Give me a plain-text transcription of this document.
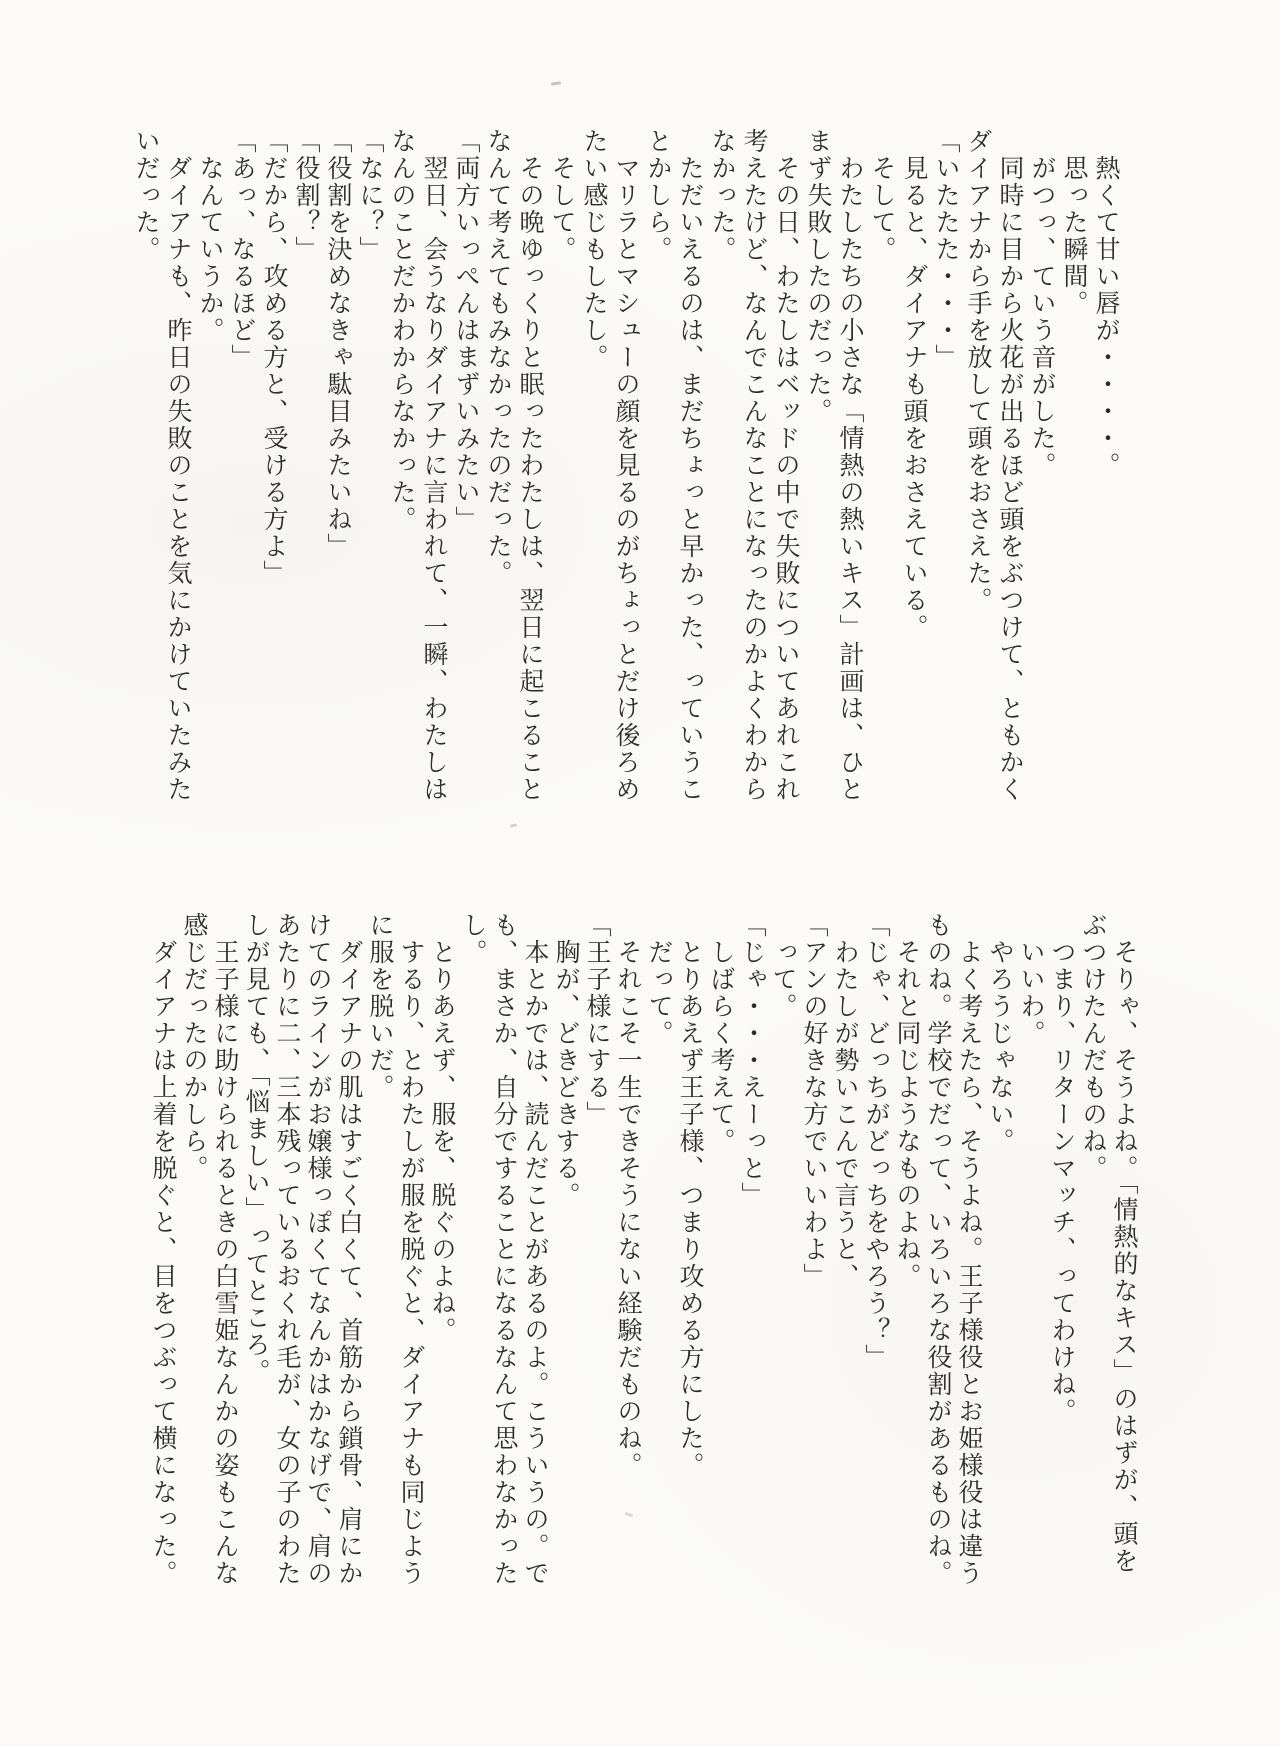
熱くて甘い唇が・・・・。
思った瞬間。
がつっ、ていう音がした。
同時に目から火花が出るほど頭をぶつけて、ともかく
ダイアナから手を放して頭をおさえた。
「いたたた・・・」
見ると、ダイアナも頭をおさえている。
そして。
わたしたちの小さな「情熱の熱いキス」計画は、ひと
まず失敗したのだった。
その日、わたしはベッドの中で失敗についてあれこれ
考えたけど、なんでこんなことになったのかよくわから
なかった。
ただいえるのは、まだちょっと早かった、っていうこ
とかしら。
マリラとマシューの顔を見るのがちょっとだけ後ろめ
たい感じもしたし。
そして。
その晩ゆっくりと眠ったわたしは、翌日に起こること
なんて考えてもみなかったのだった。
「両方いっぺんはまずいみたい」
翌日、会うなりダイアナに言われて、一瞬、わたしは
なんのことだかわからなかった。
「なに？」
「役割を決めなきゃ駄目みたいね」
「役割？」
「だから、攻める方と、受ける方よ」
「あっ、なるほど」
なんていうか。
ダイアナも、昨日の失敗のことを気にかけていたみた
いだった。
そりゃ、そうよね。「情熱的なキス」のはずが、頭を
ぶつけたんだものね。
つまり、リターンマッチ、ってわけね。
いいわ。
やろうじゃない。
よく考えたら、そうよね。王子様役とお姫様役は違う
ものね。学校でだって、いろいろな役割があるものね。
それと同じようなものよね。
「じゃ、どっちがどっちをやろう？」
わたしが勢いこんで言うと、
「アンの好きな方でいいわよ」
って。
「じゃ・・・えーっと」
しばらく考えて。
とりあえず王子様、つまり攻める方にした。
だって。
それこそ一生できそうにない経験だものね。
「王子様にする」
胸が、どきどきする。
本とかでは、読んだことがあるのよ。こういうの。で
も、まさか、自分ですることになるなんて思わなかった
し。
とりあえず、服を、脱ぐのよね。
するり、とわたしが服を脱ぐと、ダイアナも同じよう
に服を脱いだ。
ダイアナの肌はすごく白くて、首筋から鎖骨、肩にか
けてのラインがお嬢様っぽくてなんかはかなげで、肩の
あたりに二、三本残っているおくれ毛が、女の子のわた
しが見ても、「悩ましい」ってところ。
王子様に助けられるときの白雪姫なんかの姿もこんな
感じだったのかしら。
ダイアナは上着を脱ぐと、目をつぶって横になった。
